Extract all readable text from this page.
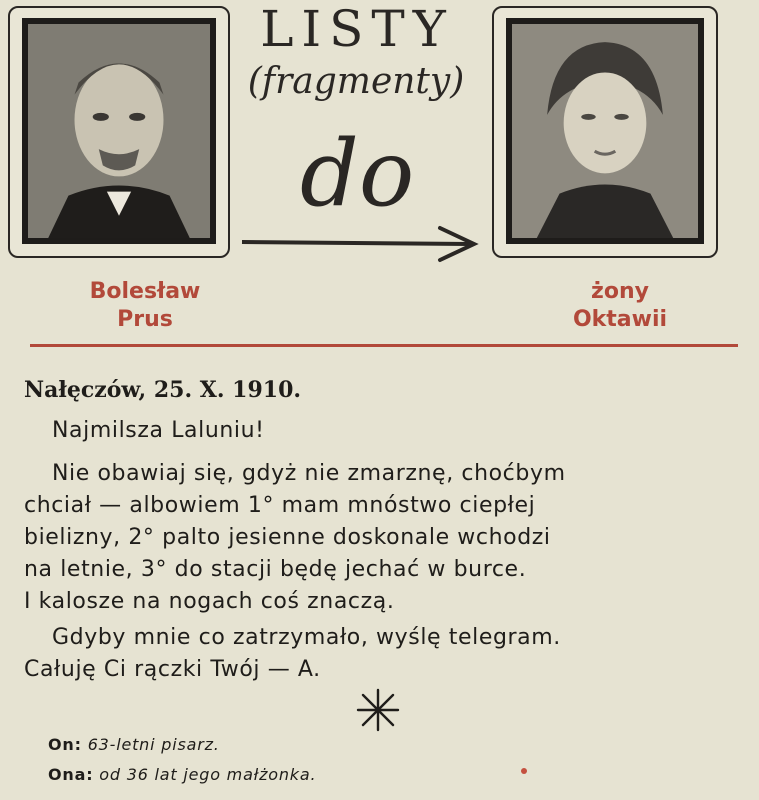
LISTY
(fragmenty)
do
Bolesław
Prus
żony
Oktawii
Nałęczów, 25. X. 1910.
Najmilsza Laluniu!
Nie obawiaj się, gdyż nie zmarznę, choćbym
chciał — albowiem 1° mam mnóstwo ciepłej
bielizny, 2° palto jesienne doskonale wchodzi
na letnie, 3° do stacji będę jechać w burce.
I kalosze na nogach coś znaczą.
Gdyby mnie co zatrzymało, wyślę telegram.
Całuję Ci rączki Twój — A.
On: 63-letni pisarz.
Ona: od 36 lat jego małżonka.
